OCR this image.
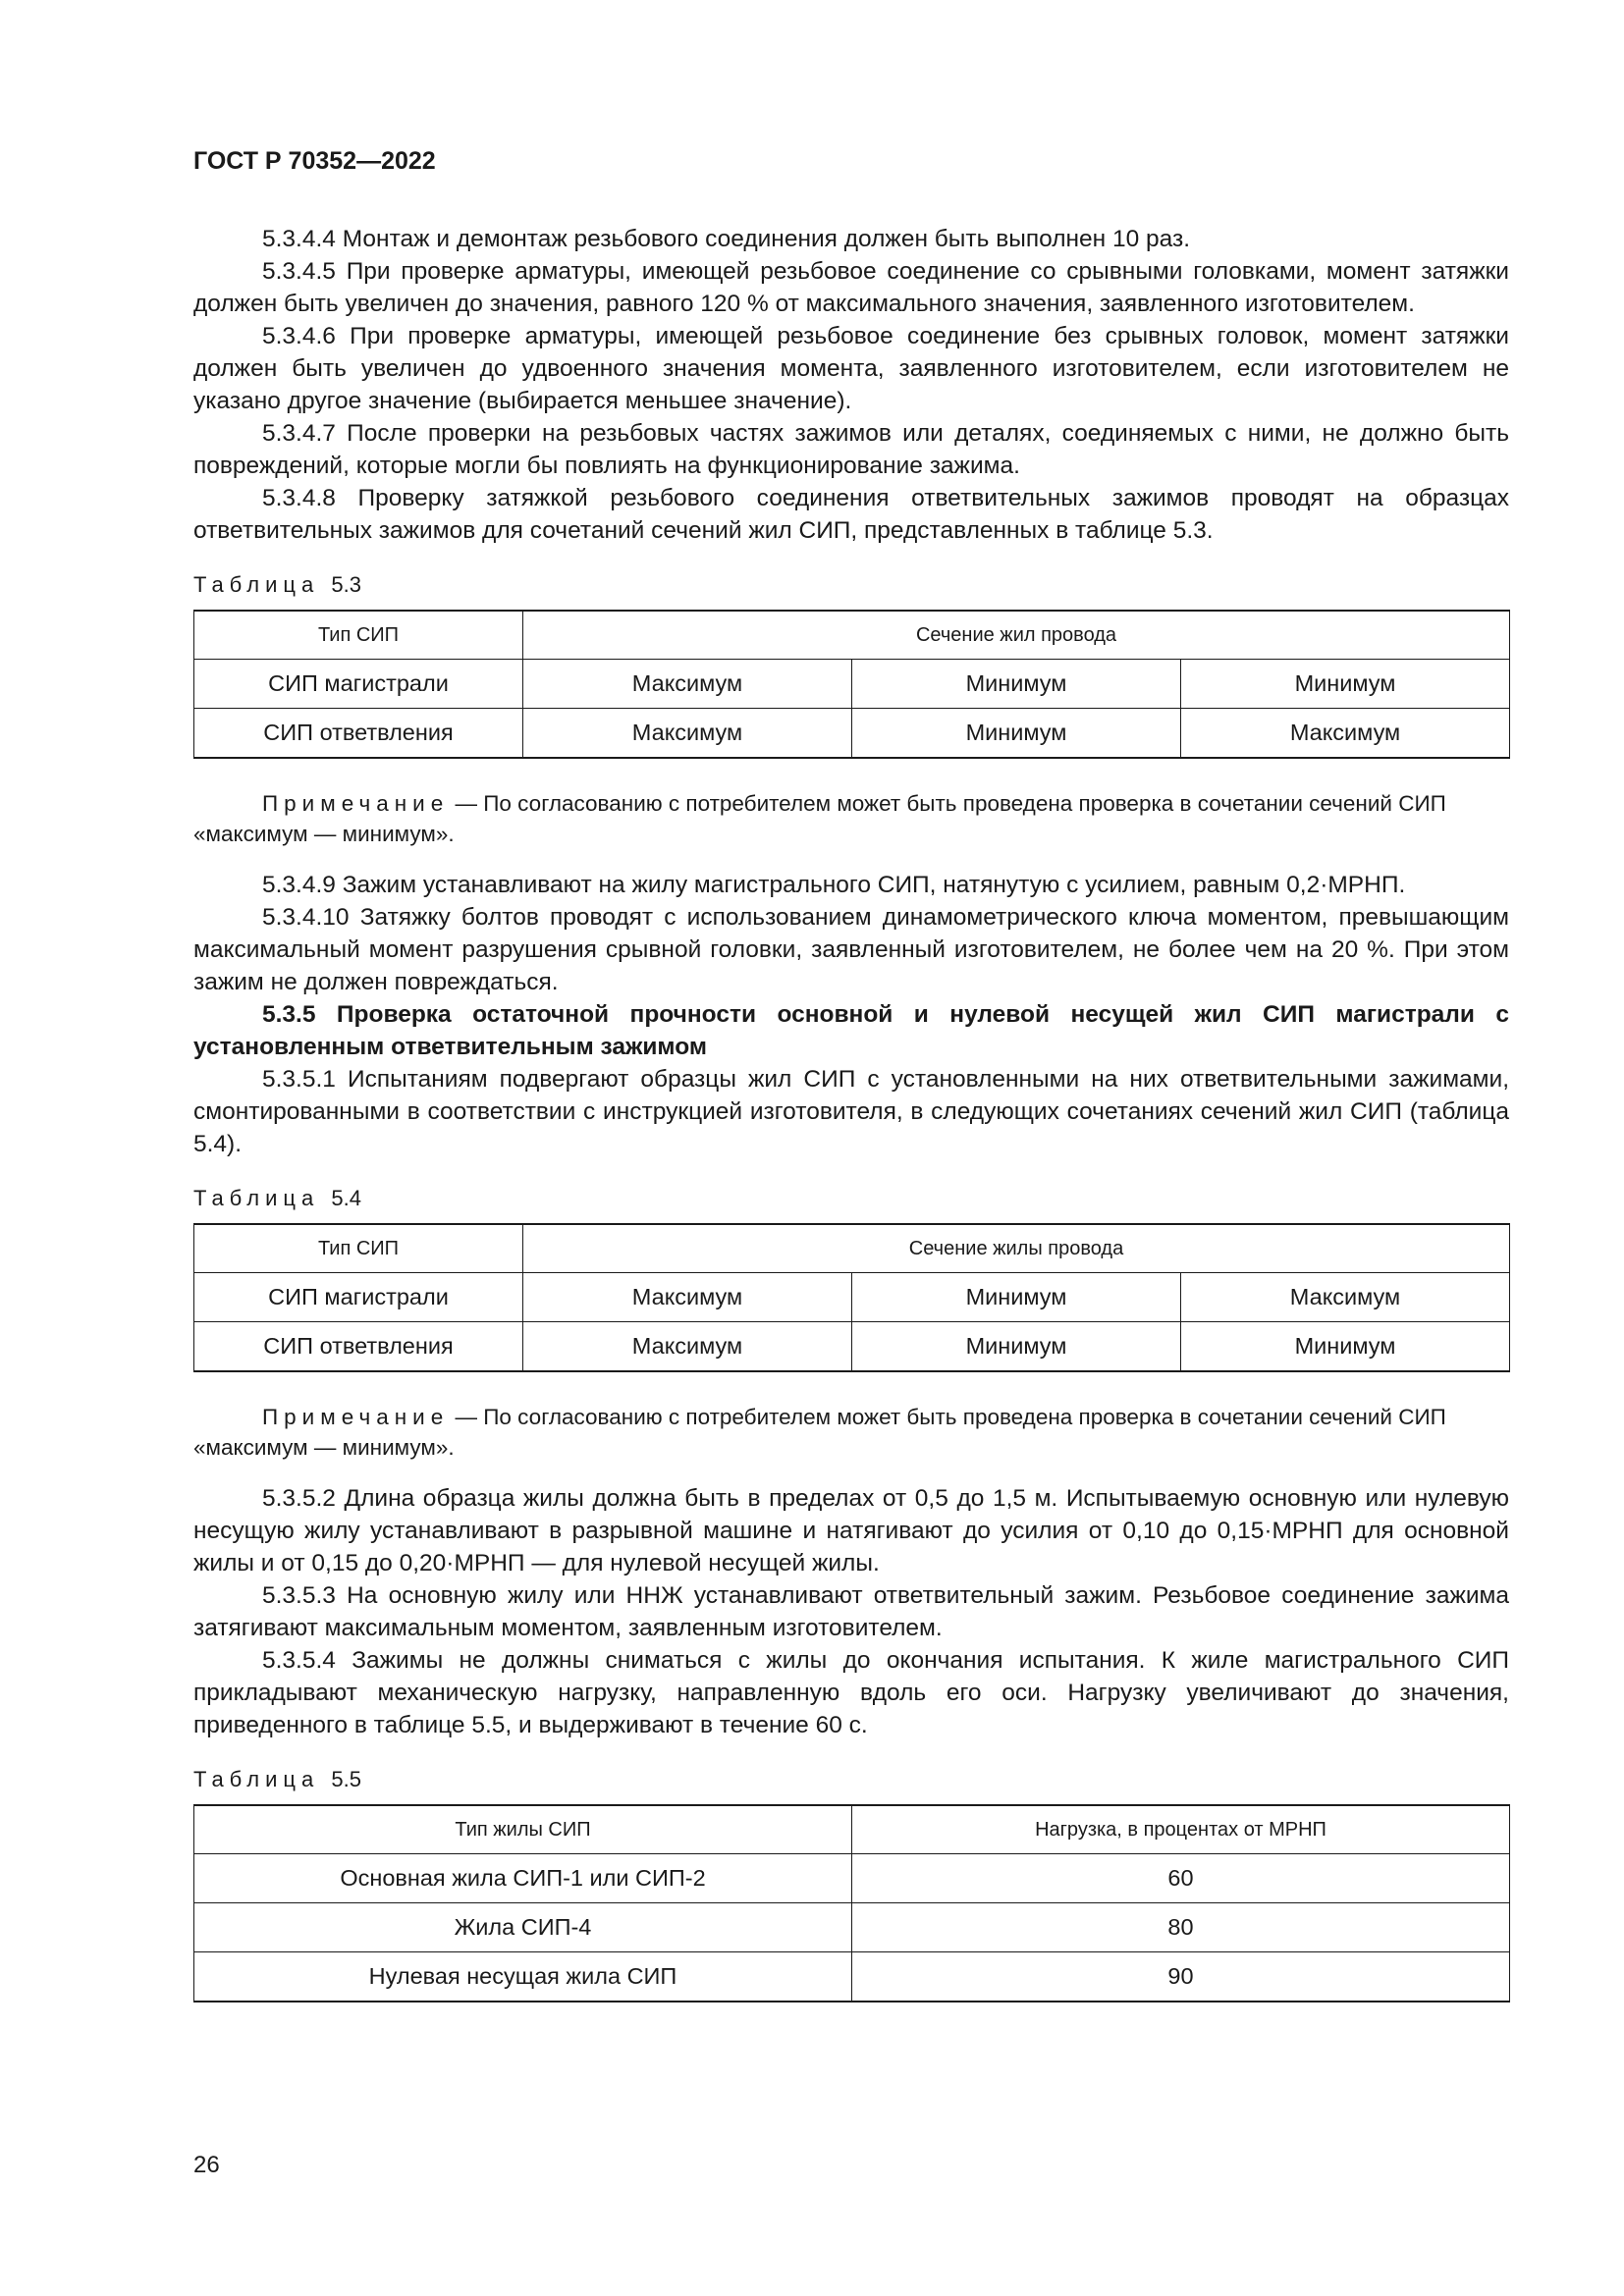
ГОСТ Р 70352—2022

5.3.4.4 Монтаж и демонтаж резьбового соединения должен быть выполнен 10 раз.

5.3.4.5 При проверке арматуры, имеющей резьбовое соединение со срывными головками, момент затяжки должен быть увеличен до значения, равного 120 % от максимального значения, заявленного изготовителем.

5.3.4.6 При проверке арматуры, имеющей резьбовое соединение без срывных головок, момент затяжки должен быть увеличен до удвоенного значения момента, заявленного изготовителем, если изготовителем не указано другое значение (выбирается меньшее значение).

5.3.4.7 После проверки на резьбовых частях зажимов или деталях, соединяемых с ними, не должно быть повреждений, которые могли бы повлиять на функционирование зажима.

5.3.4.8 Проверку затяжкой резьбового соединения ответвительных зажимов проводят на образцах ответвительных зажимов для сочетаний сечений жил СИП, представленных в таблице 5.3.

Таблица 5.3
Тип СИП	Сечение жил провода		
СИП магистрали	Максимум	Минимум	Минимум
СИП ответвления	Максимум	Минимум	Максимум

Примечание — По согласованию с потребителем может быть проведена проверка в сочетании сечений СИП «максимум — минимум».

5.3.4.9 Зажим устанавливают на жилу магистрального СИП, натянутую с усилием, равным 0,2·МРНП.

5.3.4.10 Затяжку болтов проводят с использованием динамометрического ключа моментом, превышающим максимальный момент разрушения срывной головки, заявленный изготовителем, не более чем на 20 %. При этом зажим не должен повреждаться.

5.3.5 Проверка остаточной прочности основной и нулевой несущей жил СИП магистрали с установленным ответвительным зажимом

5.3.5.1 Испытаниям подвергают образцы жил СИП с установленными на них ответвительными зажимами, смонтированными в соответствии с инструкцией изготовителя, в следующих сочетаниях сечений жил СИП (таблица 5.4).

Таблица 5.4
Тип СИП	Сечение жилы провода		
СИП магистрали	Максимум	Минимум	Максимум
СИП ответвления	Максимум	Минимум	Минимум

Примечание — По согласованию с потребителем может быть проведена проверка в сочетании сечений СИП «максимум — минимум».

5.3.5.2 Длина образца жилы должна быть в пределах от 0,5 до 1,5 м. Испытываемую основную или нулевую несущую жилу устанавливают в разрывной машине и натягивают до усилия от 0,10 до 0,15·МРНП для основной жилы и от 0,15 до 0,20·МРНП — для нулевой несущей жилы.

5.3.5.3 На основную жилу или ННЖ устанавливают ответвительный зажим. Резьбовое соединение зажима затягивают максимальным моментом, заявленным изготовителем.

5.3.5.4 Зажимы не должны сниматься с жилы до окончания испытания. К жиле магистрального СИП прикладывают механическую нагрузку, направленную вдоль его оси. Нагрузку увеличивают до значения, приведенного в таблице 5.5, и выдерживают в течение 60 с.

Таблица 5.5
Тип жилы СИП	Нагрузка, в процентах от МРНП
Основная жила СИП-1 или СИП-2	60
Жила СИП-4	80
Нулевая несущая жила СИП	90
26
